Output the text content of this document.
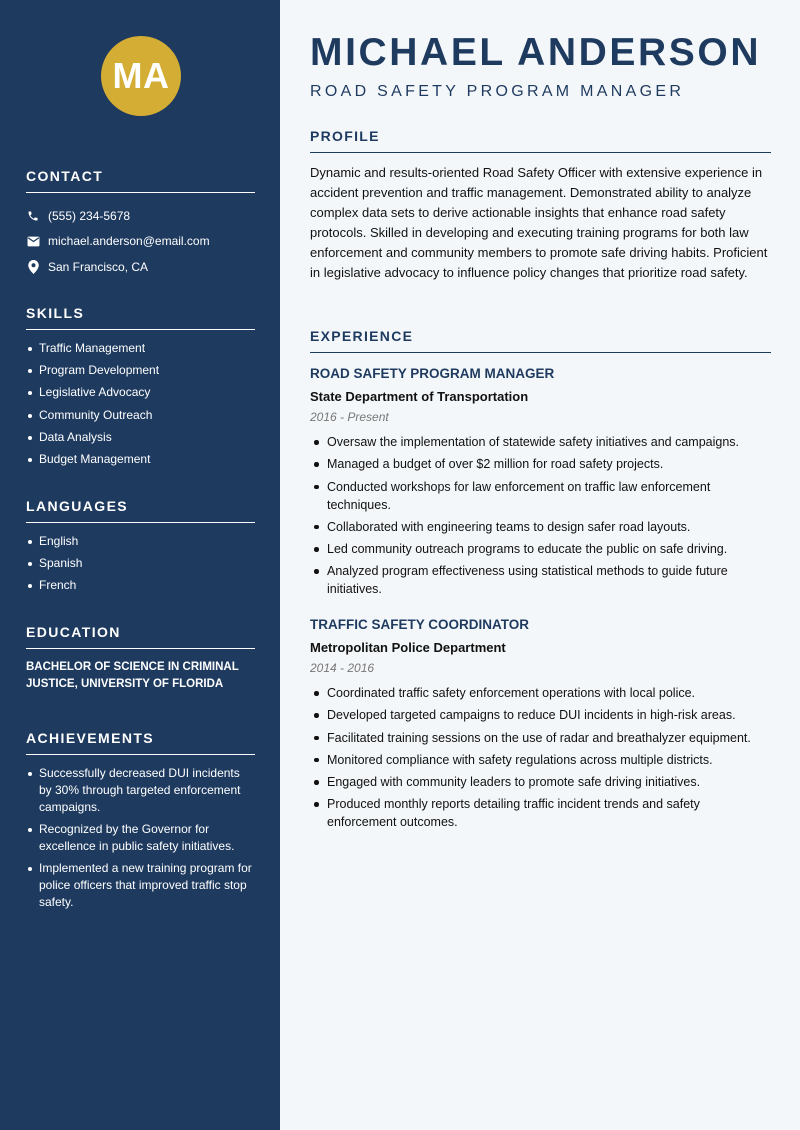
MA
CONTACT
(555) 234-5678
michael.anderson@email.com
San Francisco, CA
SKILLS
Traffic Management
Program Development
Legislative Advocacy
Community Outreach
Data Analysis
Budget Management
LANGUAGES
English
Spanish
French
EDUCATION
BACHELOR OF SCIENCE IN CRIMINAL JUSTICE, UNIVERSITY OF FLORIDA
ACHIEVEMENTS
Successfully decreased DUI incidents by 30% through targeted enforcement campaigns.
Recognized by the Governor for excellence in public safety initiatives.
Implemented a new training program for police officers that improved traffic stop safety.
MICHAEL ANDERSON
ROAD SAFETY PROGRAM MANAGER
PROFILE

Dynamic and results-oriented Road Safety Officer with extensive experience in accident prevention and traffic management. Demonstrated ability to analyze complex data sets to derive actionable insights that enhance road safety protocols. Skilled in developing and executing training programs for both law enforcement and community members to promote safe driving habits. Proficient in legislative advocacy to influence policy changes that prioritize road safety.

EXPERIENCE
ROAD SAFETY PROGRAM MANAGER
State Department of Transportation
2016 - Present
Oversaw the implementation of statewide safety initiatives and campaigns.
Managed a budget of over $2 million for road safety projects.
Conducted workshops for law enforcement on traffic law enforcement techniques.
Collaborated with engineering teams to design safer road layouts.
Led community outreach programs to educate the public on safe driving.
Analyzed program effectiveness using statistical methods to guide future initiatives.
TRAFFIC SAFETY COORDINATOR
Metropolitan Police Department
2014 - 2016
Coordinated traffic safety enforcement operations with local police.
Developed targeted campaigns to reduce DUI incidents in high-risk areas.
Facilitated training sessions on the use of radar and breathalyzer equipment.
Monitored compliance with safety regulations across multiple districts.
Engaged with community leaders to promote safe driving initiatives.
Produced monthly reports detailing traffic incident trends and safety enforcement outcomes.
